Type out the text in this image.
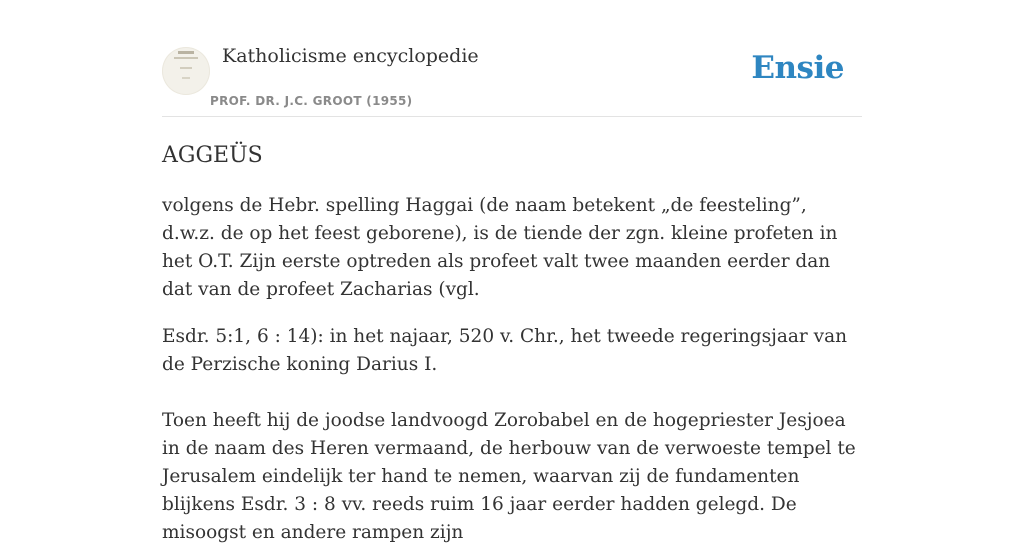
Katholicisme encyclopedie
PROF. DR. J.C. GROOT (1955)
Ensie
AGGEÜS

volgens de Hebr. spelling Haggai (de naam betekent „de feesteling”, d.w.z. de op het feest geborene), is de tiende der zgn. kleine profeten in het O.T. Zijn eerste optreden als profeet valt twee maanden eerder dan dat van de profeet Zacharias (vgl.

Esdr. 5:1, 6 : 14): in het najaar, 520 v. Chr., het tweede regeringsjaar van de Perzische koning Darius I.

Toen heeft hij de joodse landvoogd Zorobabel en de hogepriester Jesjoea in de naam des Heren vermaand, de herbouw van de verwoeste tempel te Jerusalem eindelijk ter hand te nemen, waarvan zij de fundamenten blijkens Esdr. 3 : 8 vv. reeds ruim 16 jaar eerder hadden gelegd. De misoogst en andere rampen zijn
